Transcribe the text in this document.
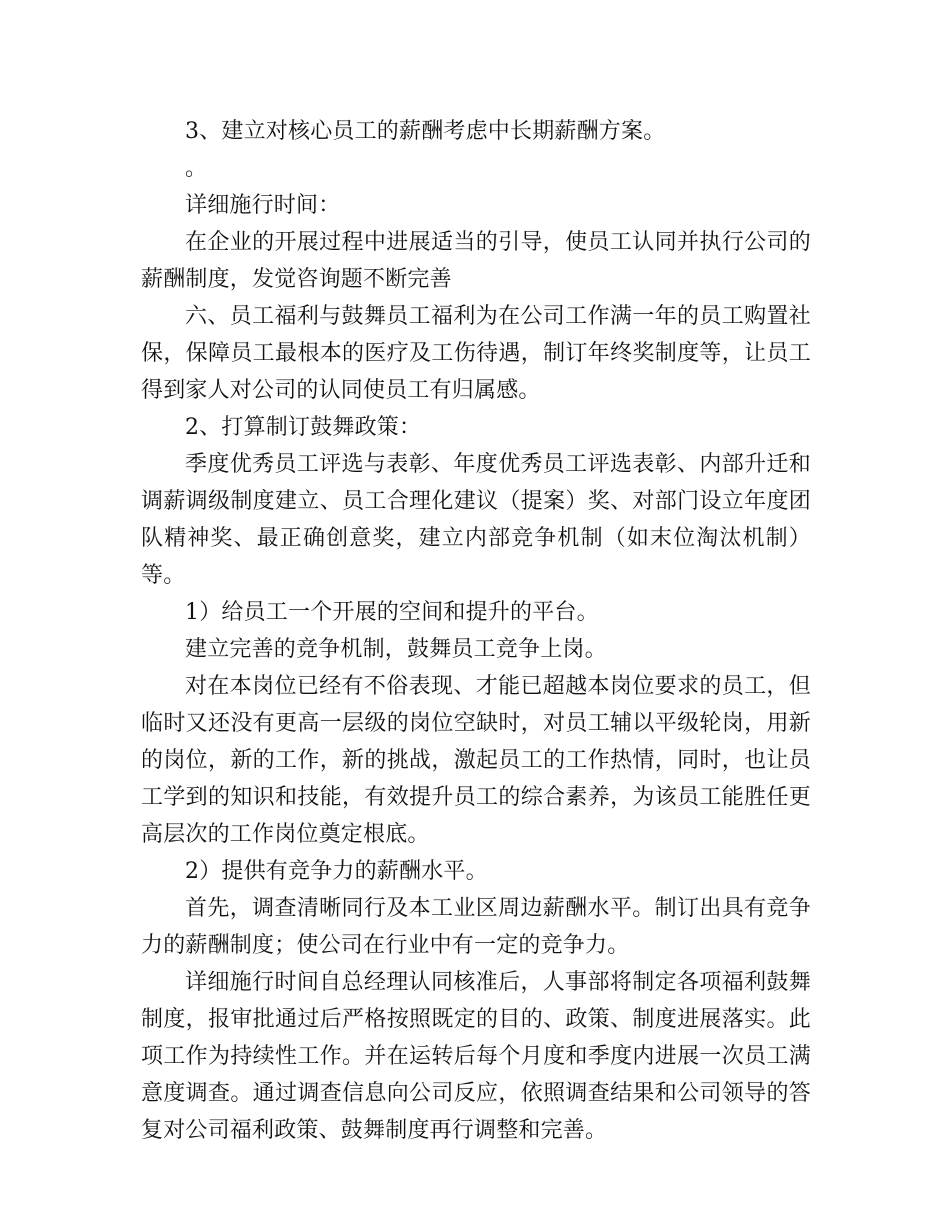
3、建立对核心员工的薪酬考虑中长期薪酬方案。

。

详细施行时间：

在企业的开展过程中进展适当的引导，使员工认同并执行公司的薪酬制度，发觉咨询题不断完善

六、员工福利与鼓舞员工福利为在公司工作满一年的员工购置社保，保障员工最根本的医疗及工伤待遇，制订年终奖制度等，让员工得到家人对公司的认同使员工有归属感。

2、打算制订鼓舞政策：

季度优秀员工评选与表彰、年度优秀员工评选表彰、内部升迁和调薪调级制度建立、员工合理化建议（提案）奖、对部门设立年度团队精神奖、最正确创意奖，建立内部竞争机制（如末位淘汰机制）等。

1）给员工一个开展的空间和提升的平台。

建立完善的竞争机制，鼓舞员工竞争上岗。

对在本岗位已经有不俗表现、才能已超越本岗位要求的员工，但临时又还没有更高一层级的岗位空缺时，对员工辅以平级轮岗，用新的岗位，新的工作，新的挑战，激起员工的工作热情，同时，也让员工学到的知识和技能，有效提升员工的综合素养，为该员工能胜任更高层次的工作岗位奠定根底。

2）提供有竞争力的薪酬水平。

首先，调查清晰同行及本工业区周边薪酬水平。制订出具有竞争力的薪酬制度；使公司在行业中有一定的竞争力。

详细施行时间自总经理认同核准后，人事部将制定各项福利鼓舞制度，报审批通过后严格按照既定的目的、政策、制度进展落实。此项工作为持续性工作。并在运转后每个月度和季度内进展一次员工满意度调查。通过调查信息向公司反应，依照调查结果和公司领导的答复对公司福利政策、鼓舞制度再行调整和完善。
